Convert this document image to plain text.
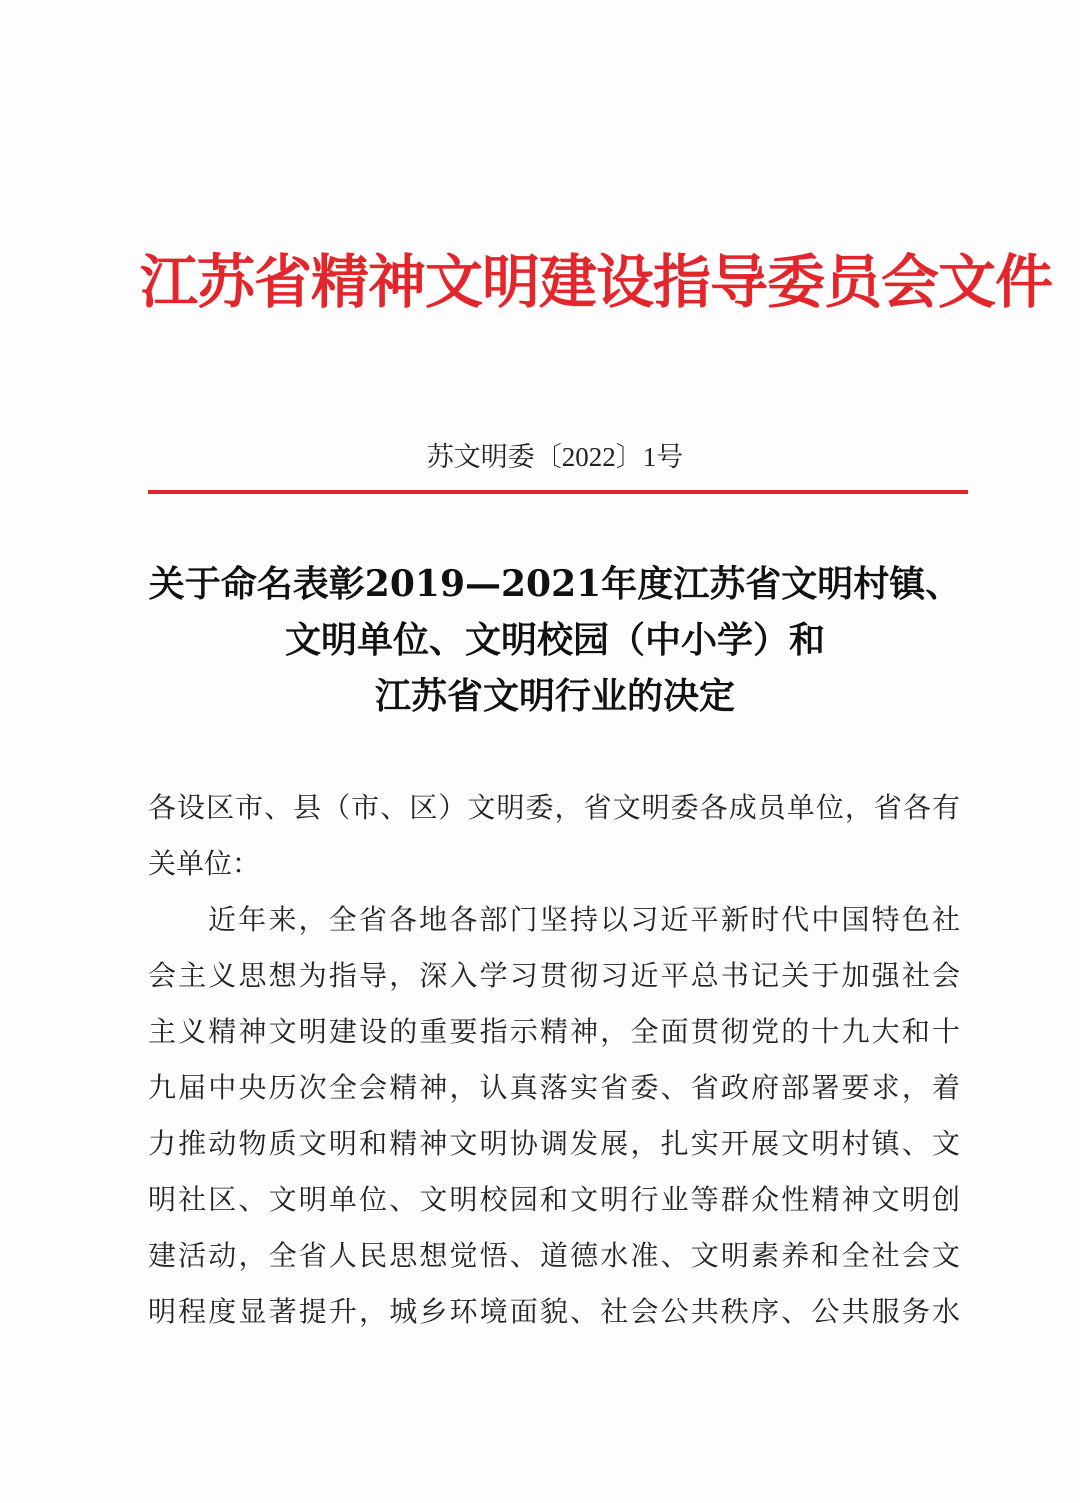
江苏省精神文明建设指导委员会文件
苏文明委〔2022〕1号
关于命名表彰2019—2021年度江苏省文明村镇、
文明单位、文明校园（中小学）和
江苏省文明行业的决定
各设区市、县（市、区）文明委，省文明委各成员单位，省各有
关单位：
近年来，全省各地各部门坚持以习近平新时代中国特色社
会主义思想为指导，深入学习贯彻习近平总书记关于加强社会
主义精神文明建设的重要指示精神，全面贯彻党的十九大和十
九届中央历次全会精神，认真落实省委、省政府部署要求，着
力推动物质文明和精神文明协调发展，扎实开展文明村镇、文
明社区、文明单位、文明校园和文明行业等群众性精神文明创
建活动，全省人民思想觉悟、道德水准、文明素养和全社会文
明程度显著提升，城乡环境面貌、社会公共秩序、公共服务水
